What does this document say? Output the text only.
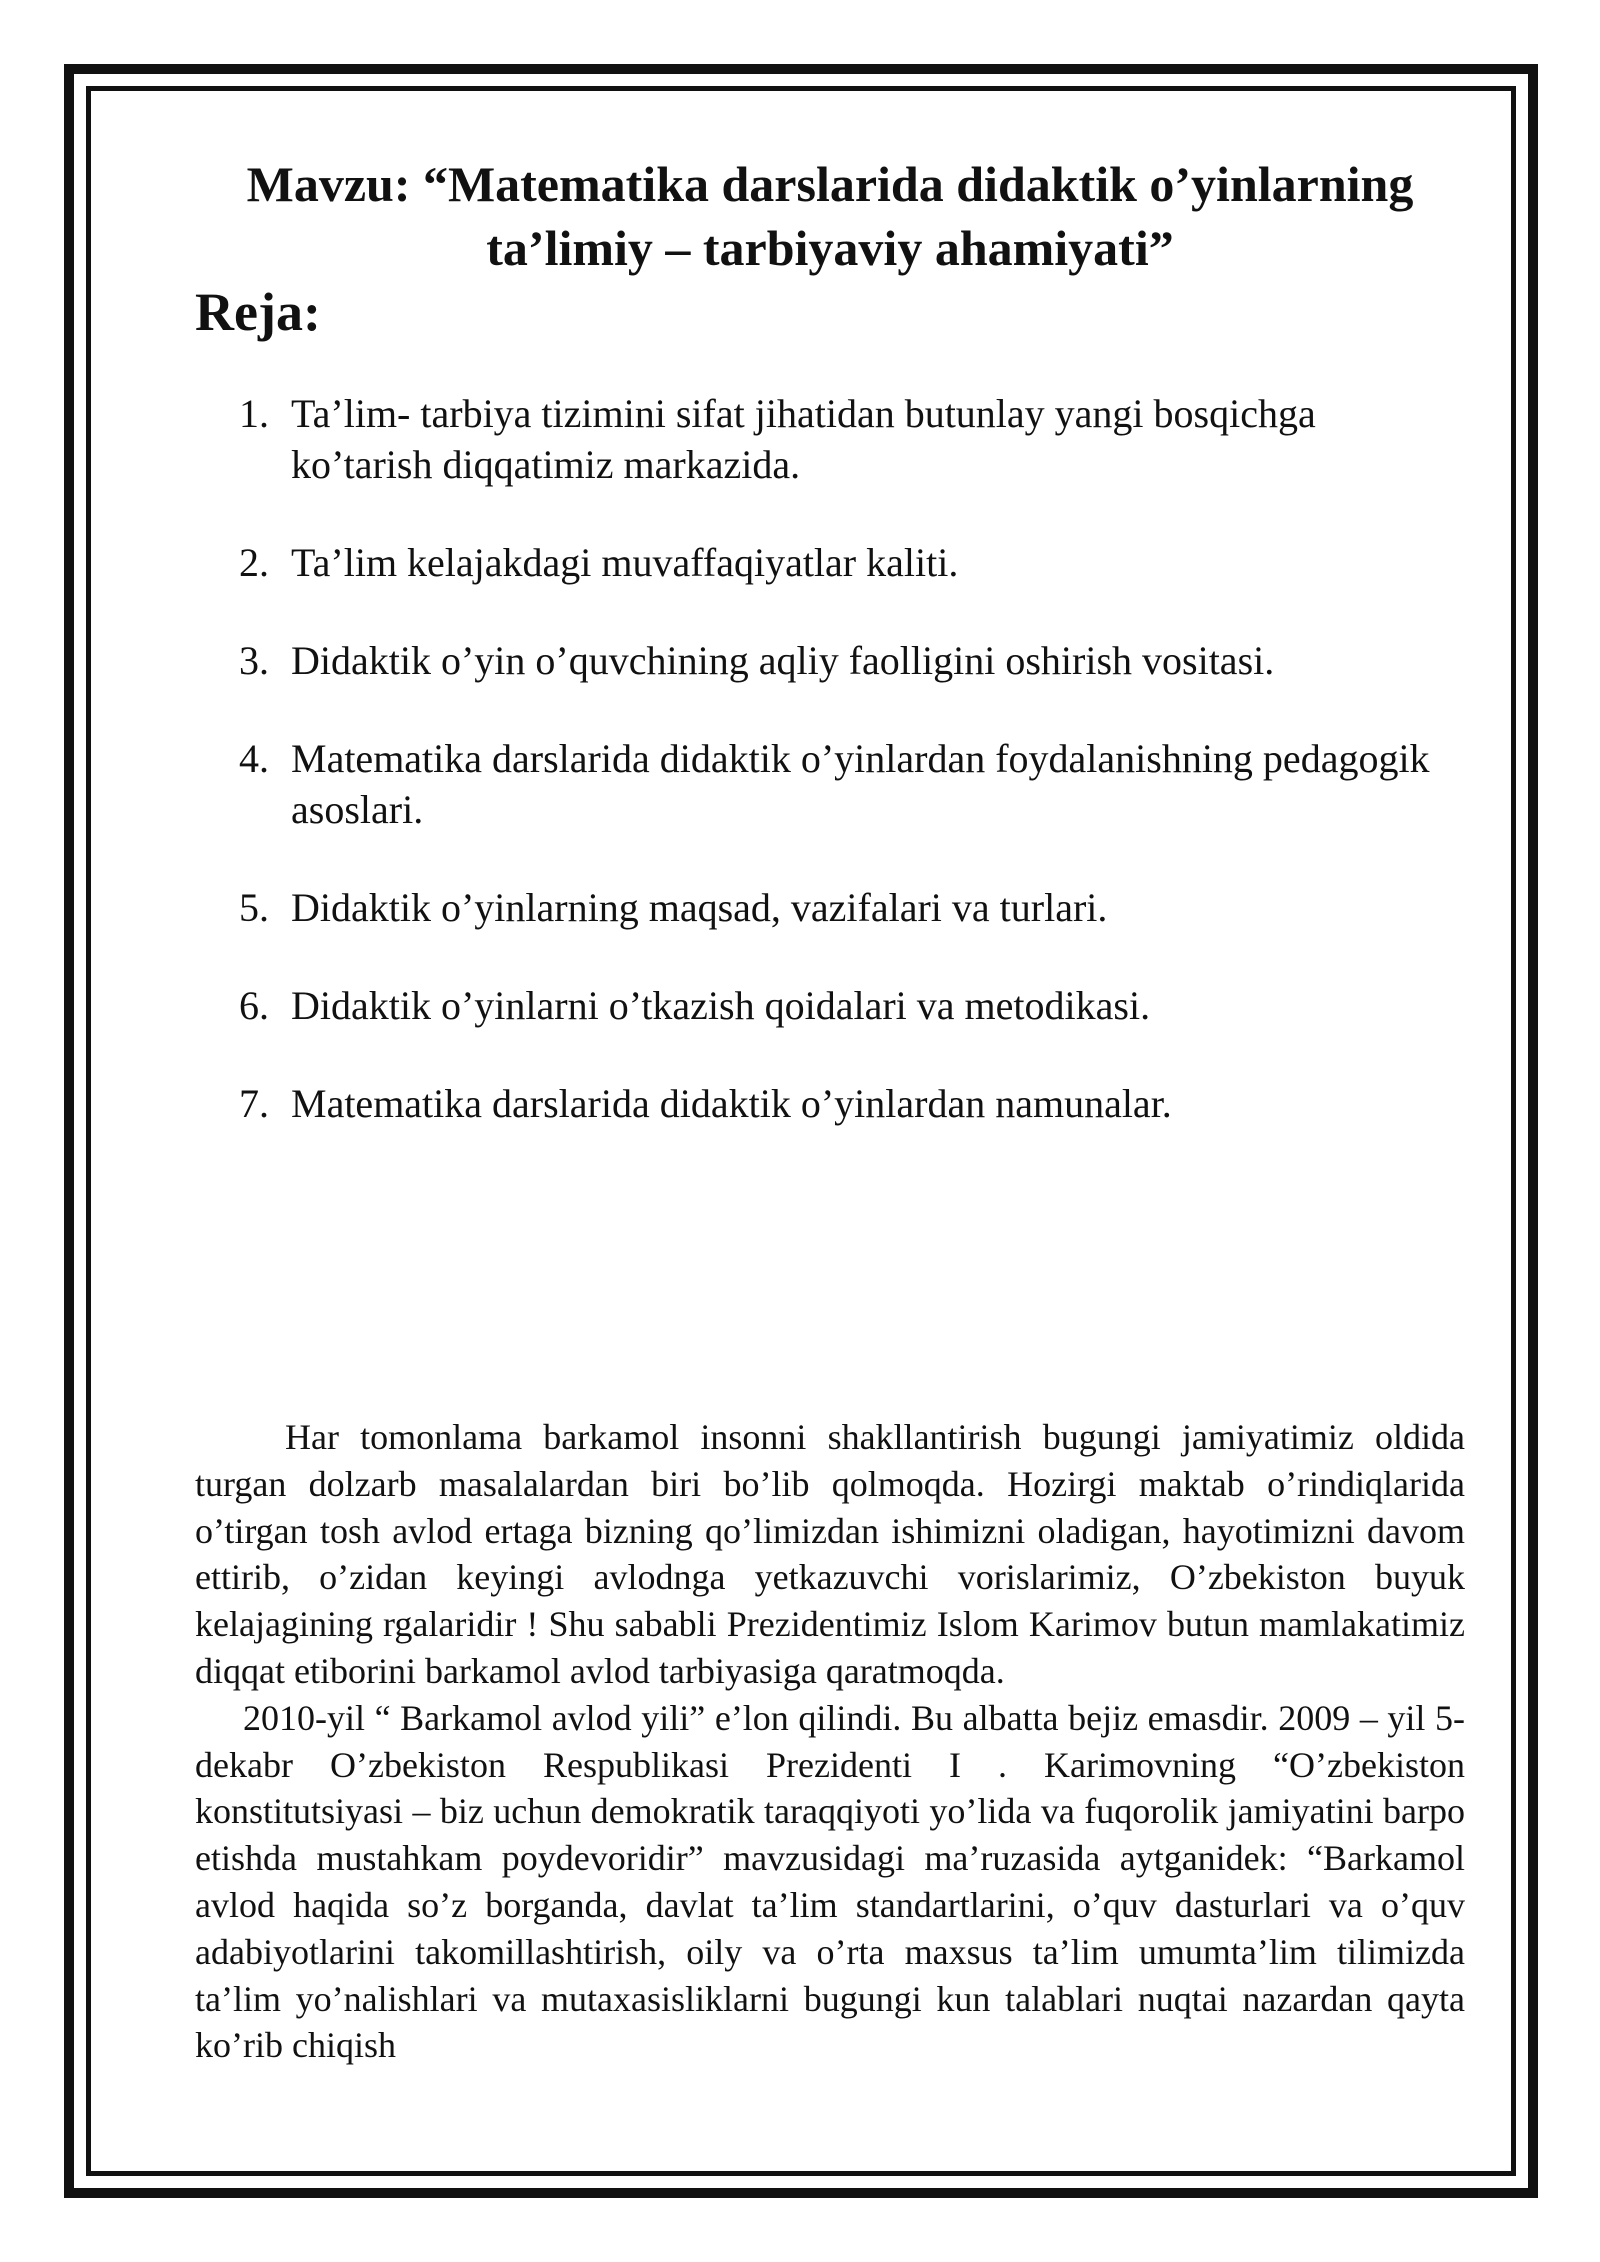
Mavzu: “Matematika darslarida didaktik o’yinlarning
ta’limiy – tarbiyaviy ahamiyati”
Reja:
1. Ta’lim- tarbiya tizimini sifat jihatidan butunlay yangi bosqichga ko’tarish diqqatimiz markazida.
2. Ta’lim kelajakdagi muvaffaqiyatlar kaliti.
3. Didaktik o’yin o’quvchining aqliy faolligini oshirish vositasi.
4. Matematika darslarida didaktik o’yinlardan foydalanishning pedagogik asoslari.
5. Didaktik o’yinlarning maqsad, vazifalari va turlari.
6. Didaktik o’yinlarni o’tkazish qoidalari va metodikasi.
7. Matematika darslarida didaktik o’yinlardan namunalar.

Har tomonlama barkamol insonni shakllantirish bugungi jamiyatimiz oldida turgan dolzarb masalalardan biri bo’lib qolmoqda. Hozirgi maktab o’rindiqlarida o’tirgan tosh avlod ertaga bizning qo’limizdan ishimizni oladigan, hayotimizni davom ettirib, o’zidan keyingi avlodnga yetkazuvchi vorislarimiz, O’zbekiston buyuk kelajagining rgalaridir ! Shu sababli Prezidentimiz Islom Karimov butun mamlakatimiz diqqat etiborini barkamol avlod tarbiyasiga qaratmoqda.

2010-yil “ Barkamol avlod yili” e’lon qilindi. Bu albatta bejiz emasdir. 2009 – yil 5-dekabr O’zbekiston Respublikasi Prezidenti I . Karimovning “O’zbekiston konstitutsiyasi – biz uchun demokratik taraqqiyoti yo’lida va fuqorolik jamiyatini barpo etishda mustahkam poydevoridir” mavzusidagi ma’ruzasida aytganidek: “Barkamol avlod haqida so’z borganda, davlat ta’lim standartlarini, o’quv dasturlari va o’quv adabiyotlarini takomillashtirish, oily va o’rta maxsus ta’lim umumta’lim tilimizda ta’lim yo’nalishlari va mutaxasisliklarni bugungi kun talablari nuqtai nazardan qayta ko’rib chiqish
